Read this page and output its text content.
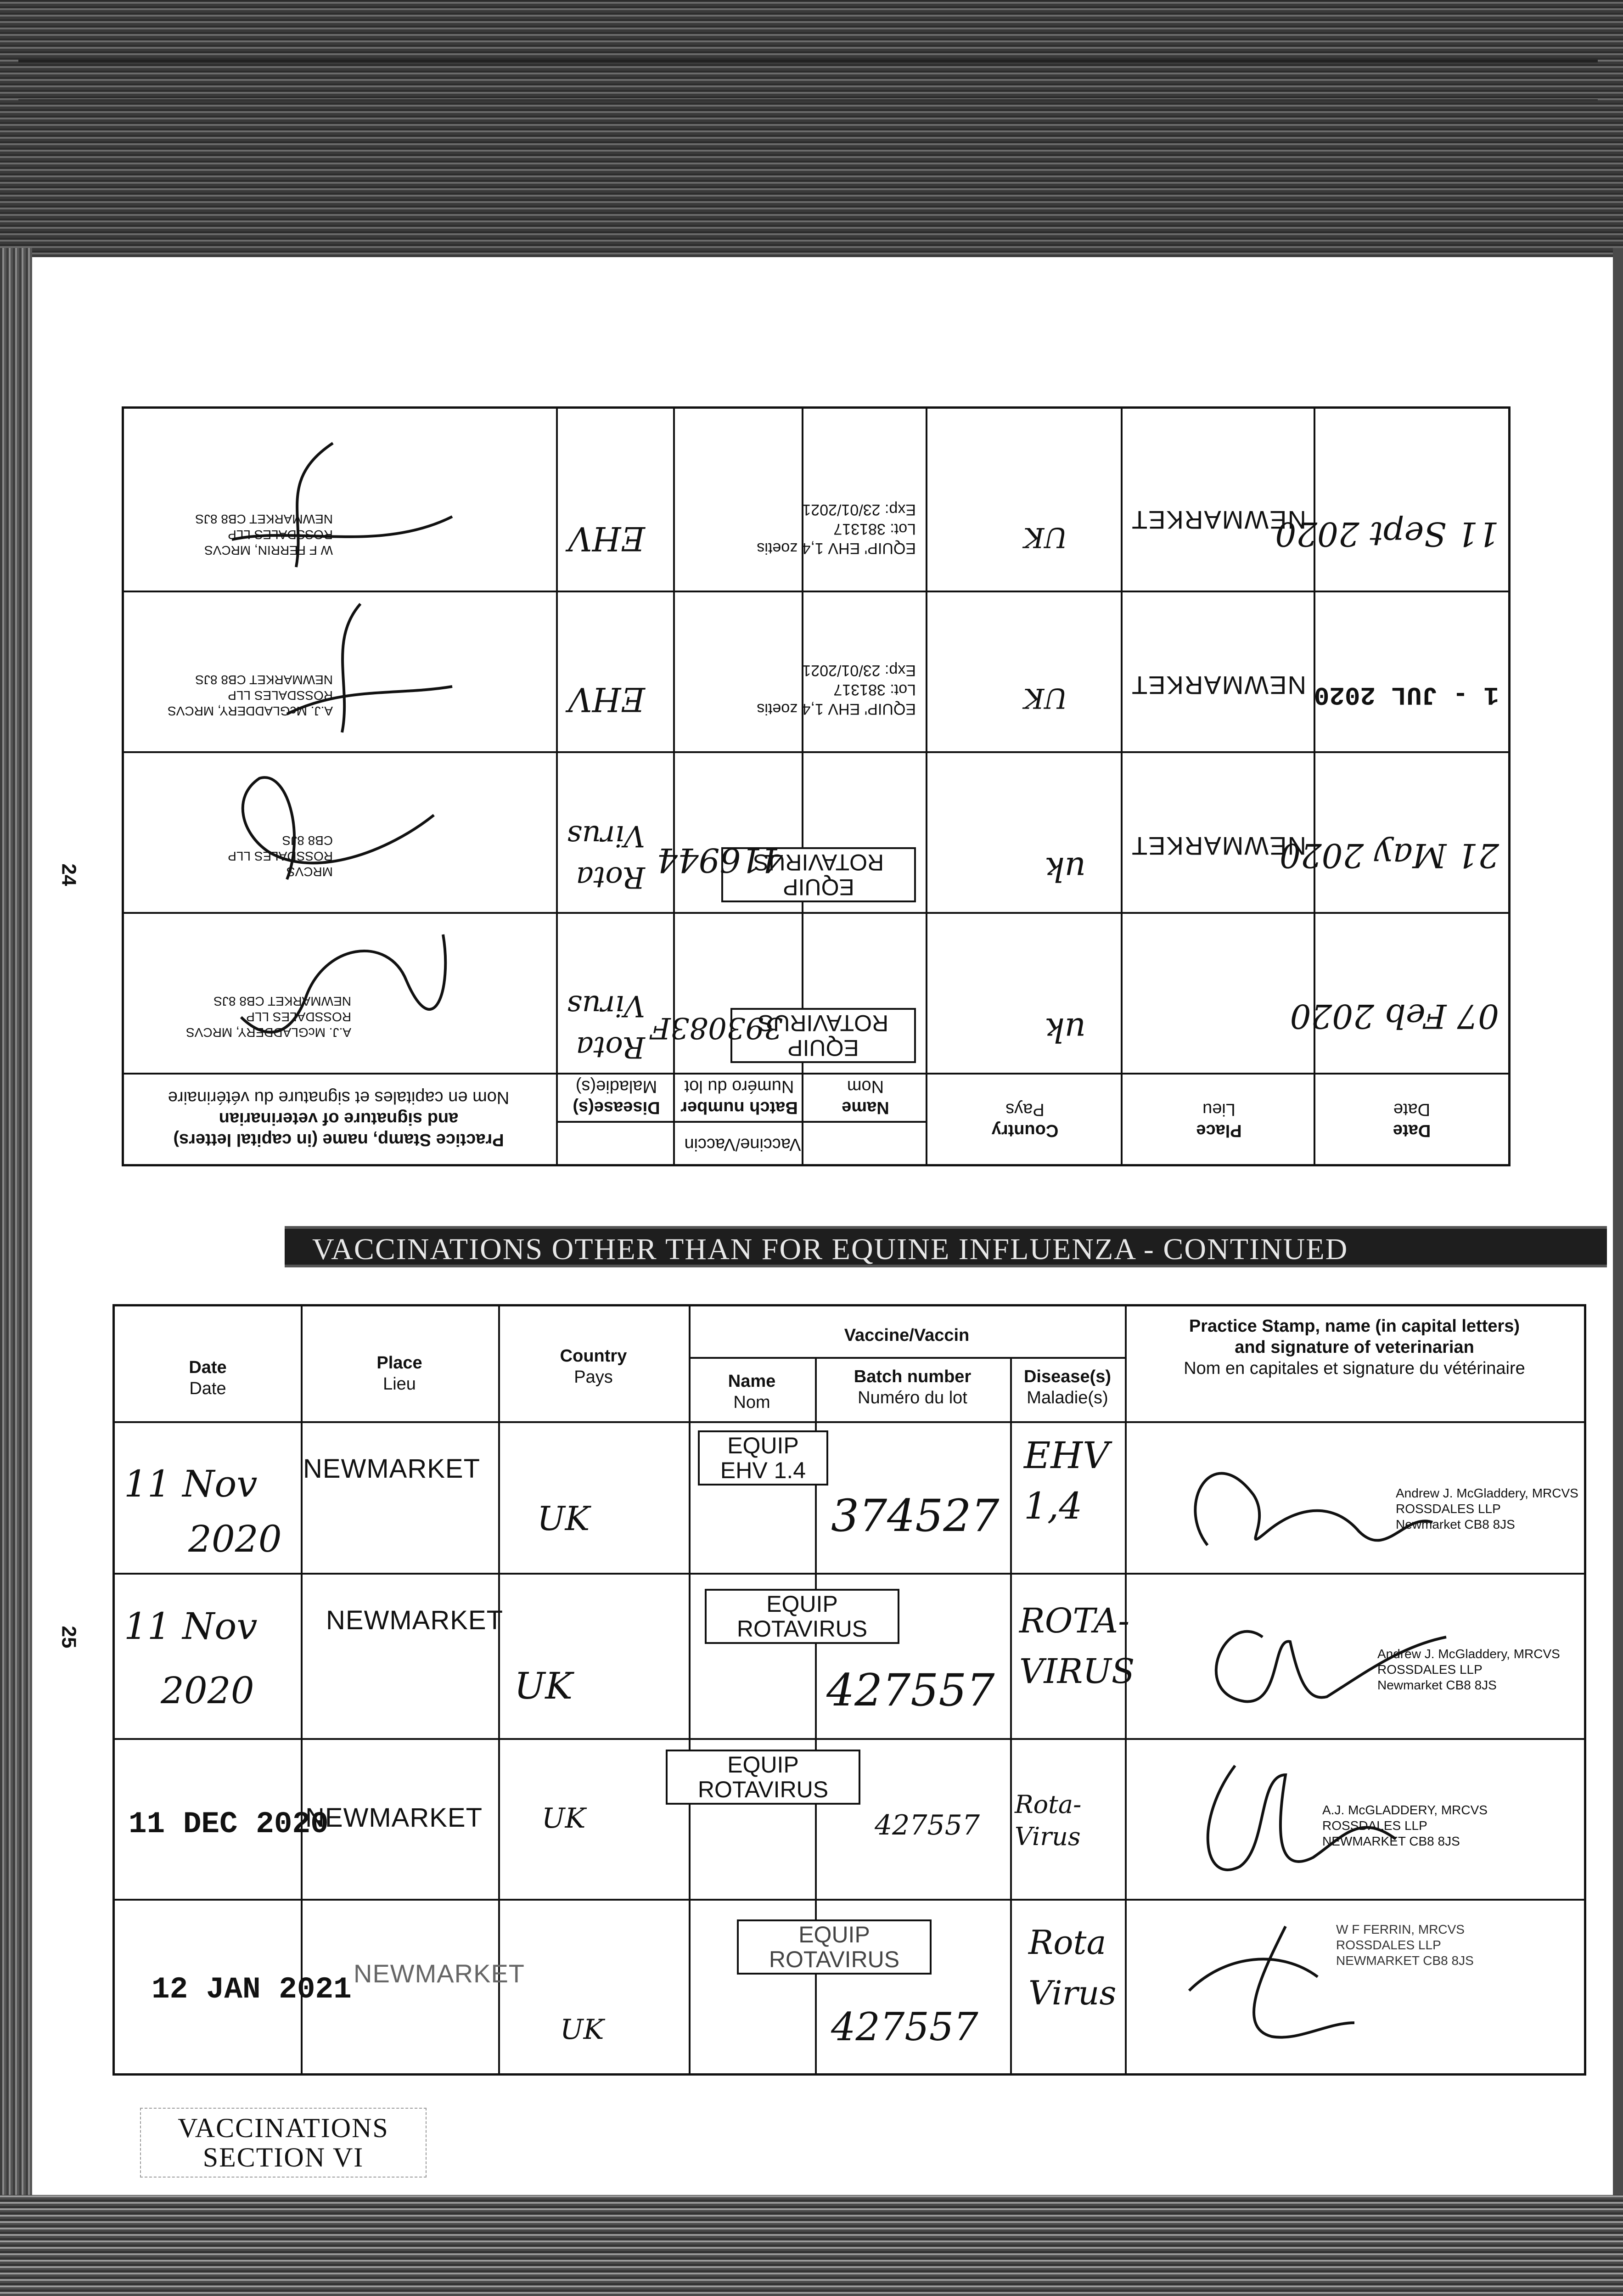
24
25
Date
Date
Place
Lieu
Country
Pays
Vaccine/Vaccin
Name
Nom
Batch number
Numéro du lot
Disease(s)
Maladie(s)
Practice Stamp, name (in capital letters)
and signature of veterinarian
Nom en capitales et signature du vétérinaire
07 Feb 2020
uk
EQUIP
ROTAVIRUS
393083F
Rota
Virus
A.J. McGLADDERY, MRCVS
ROSSDALES LLP
NEWMARKET CB8 8JS
21 May 2020
NEWMARKET
uk
EQUIP
ROTAVIRUS
416944
Rota
Virus
MRCVS
ROSSDALES LLP
CB8 8JS
1 - JUL 2020
NEWMARKET
UK
EQUIP' EHV 1,4 zoetis
Lot: 381317
Exp: 23/01/2021
EHV
A.J. McGLADDERY, MRCVS
ROSSDALES LLP
NEWMARKET CB8 8JS
11 Sept 2020
NEWMARKET
UK
EQUIP' EHV 1,4 zoetis
Lot: 381317
Exp: 23/01/2021
EHV
W F FERRIN, MRCVS
ROSSDALES LLP
NEWMARKET CB8 8JS
VACCINATIONS OTHER THAN FOR EQUINE INFLUENZA - CONTINUED
Date
Date
Place
Lieu
Country
Pays
Vaccine/Vaccin
Name
Nom
Batch number
Numéro du lot
Disease(s)
Maladie(s)
Practice Stamp, name (in capital letters)
and signature of veterinarian
Nom en capitales et signature du vétérinaire
11 Nov
2020
NEWMARKET
UK
EQUIP
EHV 1.4
374527
EHV
1,4	Andrew J. McGladdery, MRCVS
ROSSDALES LLP
Newmarket CB8 8JS
11 Nov
2020
NEWMARKET
UK
EQUIP
ROTAVIRUS
427557
ROTA-
VIRUS	Andrew J. McGladdery, MRCVS
ROSSDALES LLP
Newmarket CB8 8JS
11 DEC 2020
NEWMARKET UK
EQUIP
ROTAVIRUS
427557
Rota-
Virus
A.J. McGLADDERY, MRCVS
ROSSDALES LLP
NEWMARKET CB8 8JS
12 JAN 2021 NEWMARKET
UK
EQUIP
ROTAVIRUS
427557
Rota
Virus
W F FERRIN, MRCVS
ROSSDALES LLP
NEWMARKET CB8 8JS
VACCINATIONS
SECTION VI
